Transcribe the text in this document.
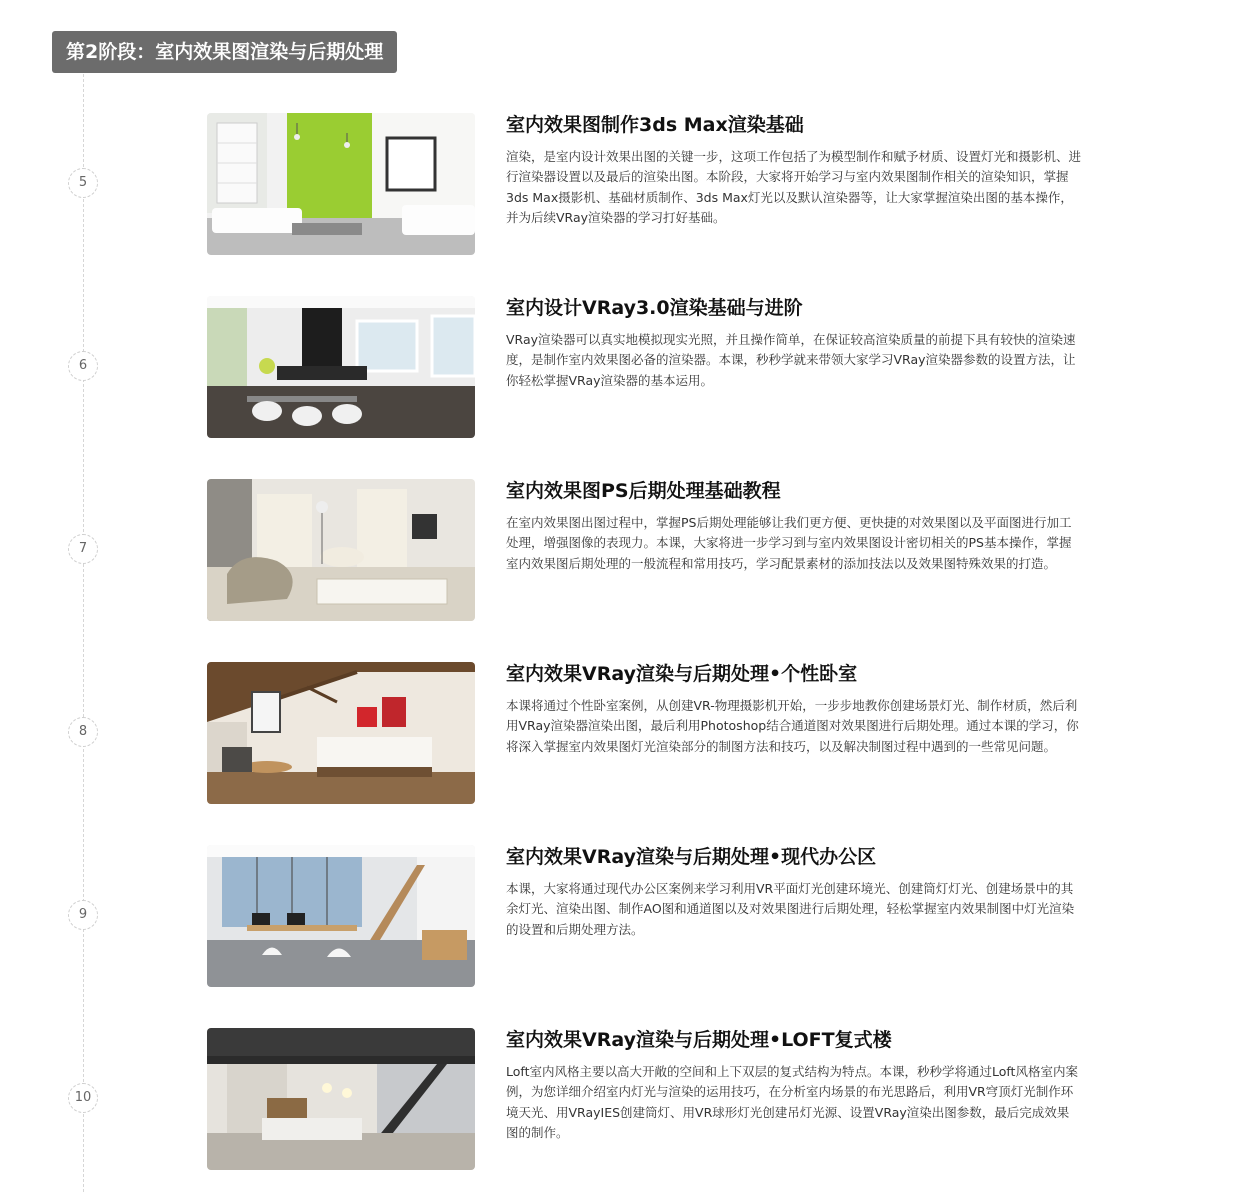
第2阶段：室内效果图渲染与后期处理
5
室内效果图制作3ds Max渲染基础
渲染，是室内设计效果出图的关键一步，这项工作包括了为模型制作和赋予材质、设置灯光和摄影机、进行渲染器设置以及最后的渲染出图。本阶段，大家将开始学习与室内效果图制作相关的渲染知识，掌握3ds Max摄影机、基础材质制作、3ds Max灯光以及默认渲染器等，让大家掌握渲染出图的基本操作，并为后续VRay渲染器的学习打好基础。
6
室内设计VRay3.0渲染基础与进阶
VRay渲染器可以真实地模拟现实光照，并且操作简单，在保证较高渲染质量的前提下具有较快的渲染速度，是制作室内效果图必备的渲染器。本课，秒秒学就来带领大家学习VRay渲染器参数的设置方法，让你轻松掌握VRay渲染器的基本运用。
7
室内效果图PS后期处理基础教程
在室内效果图出图过程中，掌握PS后期处理能够让我们更方便、更快捷的对效果图以及平面图进行加工处理，增强图像的表现力。本课，大家将进一步学习到与室内效果图设计密切相关的PS基本操作，掌握室内效果图后期处理的一般流程和常用技巧，学习配景素材的添加技法以及效果图特殊效果的打造。
8
室内效果VRay渲染与后期处理•个性卧室
本课将通过个性卧室案例，从创建VR-物理摄影机开始，一步步地教你创建场景灯光、制作材质，然后利用VRay渲染器渲染出图，最后利用Photoshop结合通道图对效果图进行后期处理。通过本课的学习，你将深入掌握室内效果图灯光渲染部分的制图方法和技巧，以及解决制图过程中遇到的一些常见问题。
9
室内效果VRay渲染与后期处理•现代办公区
本课，大家将通过现代办公区案例来学习利用VR平面灯光创建环境光、创建筒灯灯光、创建场景中的其余灯光、渲染出图、制作AO图和通道图以及对效果图进行后期处理，轻松掌握室内效果制图中灯光渲染的设置和后期处理方法。
10
室内效果VRay渲染与后期处理•LOFT复式楼
Loft室内风格主要以高大开敞的空间和上下双层的复式结构为特点。本课，秒秒学将通过Loft风格室内案例，为您详细介绍室内灯光与渲染的运用技巧，在分析室内场景的布光思路后，利用VR穹顶灯光制作环境天光、用VRayIES创建筒灯、用VR球形灯光创建吊灯光源、设置VRay渲染出图参数，最后完成效果图的制作。
